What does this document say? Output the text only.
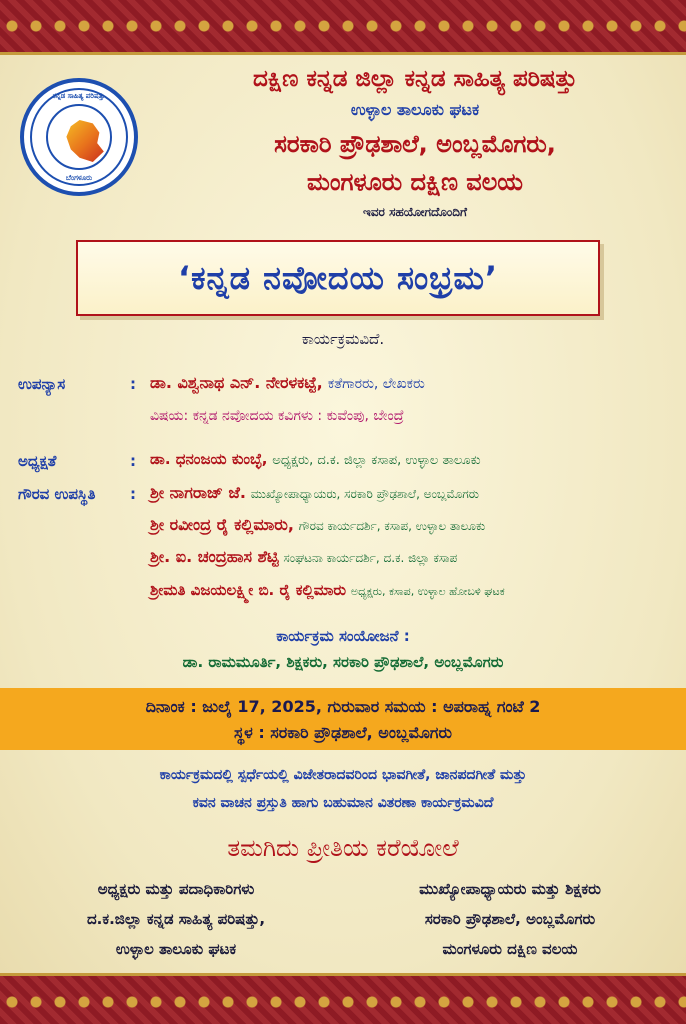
ಕನ್ನಡ ಸಾಹಿತ್ಯ ಪರಿಷತ್ತು
ಬೆಂಗಳೂರು
ದಕ್ಷಿಣ ಕನ್ನಡ ಜಿಲ್ಲಾ ಕನ್ನಡ ಸಾಹಿತ್ಯ ಪರಿಷತ್ತು
ಉಳ್ಳಾಲ ತಾಲೂಕು ಘಟಕ
ಸರಕಾರಿ ಪ್ರೌಢಶಾಲೆ, ಅಂಬ್ಲಮೊಗರು,
ಮಂಗಳೂರು ದಕ್ಷಿಣ ವಲಯ
ಇವರ ಸಹಯೋಗದೊಂದಿಗೆ
‘ಕನ್ನಡ ನವೋದಯ ಸಂಭ್ರಮ’
ಕಾರ್ಯಕ್ರಮವಿದೆ.
ಉಪನ್ಯಾಸ	: ಡಾ. ವಿಶ್ವನಾಥ ಎನ್. ನೇರಳಕಟ್ಟೆ, ಕತೆಗಾರರು, ಲೇಖಕರು
ವಿಷಯ: ಕನ್ನಡ ನವೋದಯ ಕವಿಗಳು : ಕುವೆಂಪು, ಬೇಂದ್ರೆ
ಅಧ್ಯಕ್ಷತೆ	: ಡಾ. ಧನಂಜಯ ಕುಂಬ್ಳೆ, ಅಧ್ಯಕ್ಷರು, ದ.ಕ. ಜಿಲ್ಲಾ ಕಸಾಪ, ಉಳ್ಳಾಲ ತಾಲೂಕು
ಗೌರವ ಉಪಸ್ಥಿತಿ : ಶ್ರೀ ನಾಗರಾಜ್ ಜೆ. ಮುಖ್ಯೋಪಾಧ್ಯಾಯರು, ಸರಕಾರಿ ಪ್ರೌಢಶಾಲೆ, ಅಂಬ್ಲಮೊಗರು
ಶ್ರೀ ರವೀಂದ್ರ ರೈ ಕಲ್ಲಿಮಾರು, ಗೌರವ ಕಾರ್ಯದರ್ಶಿ, ಕಸಾಪ, ಉಳ್ಳಾಲ ತಾಲೂಕು
ಶ್ರೀ. ಐ. ಚಂದ್ರಹಾಸ ಶೆಟ್ಟಿ ಸಂಘಟನಾ ಕಾರ್ಯದರ್ಶಿ, ದ.ಕ. ಜಿಲ್ಲಾ ಕಸಾಪ
ಶ್ರೀಮತಿ ವಿಜಯಲಕ್ಷ್ಮೀ ಬಿ. ರೈ ಕಲ್ಲಿಮಾರು ಅಧ್ಯಕ್ಷರು, ಕಸಾಪ, ಉಳ್ಳಾಲ ಹೋಬಳಿ ಘಟಕ
ಕಾರ್ಯಕ್ರಮ ಸಂಯೋಜನೆ :
ಡಾ. ರಾಮಮೂರ್ತಿ, ಶಿಕ್ಷಕರು, ಸರಕಾರಿ ಪ್ರೌಢಶಾಲೆ, ಅಂಬ್ಲಮೊಗರು
ದಿನಾಂಕ : ಜುಲೈ 17, 2025, ಗುರುವಾರ ಸಮಯ : ಅಪರಾಹ್ನ ಗಂಟೆ 2
ಸ್ಥಳ : ಸರಕಾರಿ ಪ್ರೌಢಶಾಲೆ, ಅಂಬ್ಲಮೊಗರು
ಕಾರ್ಯಕ್ರಮದಲ್ಲಿ ಸ್ಪರ್ಧೆಯಲ್ಲಿ ವಿಜೇತರಾದವರಿಂದ ಭಾವಗೀತೆ, ಜಾನಪದಗೀತೆ ಮತ್ತು
ಕವನ ವಾಚನ ಪ್ರಸ್ತುತಿ ಹಾಗು ಬಹುಮಾನ ವಿತರಣಾ ಕಾರ್ಯಕ್ರಮವಿದೆ
ತಮಗಿದು ಪ್ರೀತಿಯ ಕರೆಯೋಲೆ
ಅಧ್ಯಕ್ಷರು ಮತ್ತು ಪದಾಧಿಕಾರಿಗಳು
ದ.ಕ.ಜಿಲ್ಲಾ ಕನ್ನಡ ಸಾಹಿತ್ಯ ಪರಿಷತ್ತು,
ಉಳ್ಳಾಲ ತಾಲೂಕು ಘಟಕ
ಮುಖ್ಯೋಪಾಧ್ಯಾಯರು ಮತ್ತು ಶಿಕ್ಷಕರು
ಸರಕಾರಿ ಪ್ರೌಢಶಾಲೆ, ಅಂಬ್ಲಮೊಗರು
ಮಂಗಳೂರು ದಕ್ಷಿಣ ವಲಯ
